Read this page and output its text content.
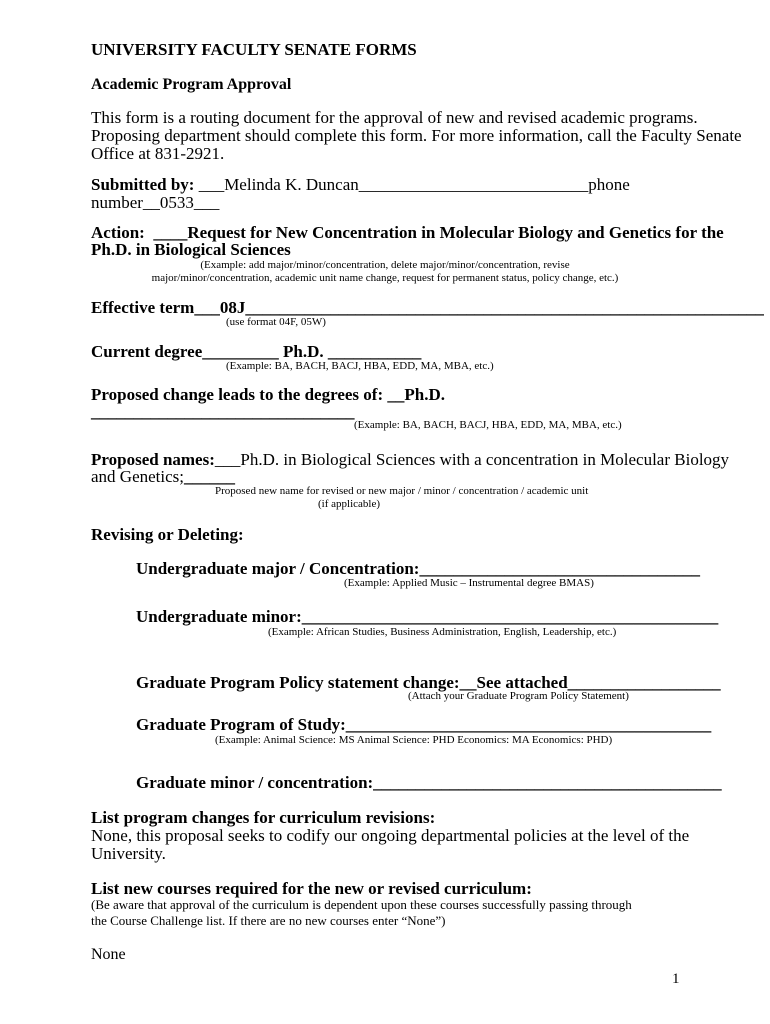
UNIVERSITY FACULTY SENATE FORMS
Academic Program Approval
This form is a routing document for the approval of new and revised academic programs.
Proposing department should complete this form. For more information, call the Faculty Senate
Office at 831-2921.
Submitted by: ___Melinda K. Duncan___________________________phone
number__0533___
Action: ____Request for New Concentration in Molecular Biology and Genetics for the
Ph.D. in Biological Sciences
(Example: add major/minor/concentration, delete major/minor/concentration, revise
major/minor/concentration, academic unit name change, request for permanent status, policy change, etc.)
Effective term___08J_____________________________________________________________
(use format 04F, 05W)
Current degree_________ Ph.D. ___________
(Example: BA, BACH, BACJ, HBA, EDD, MA, MBA, etc.)
Proposed change leads to the degrees of: __Ph.D.
_______________________________
(Example: BA, BACH, BACJ, HBA, EDD, MA, MBA, etc.)
Proposed names:___Ph.D. in Biological Sciences with a concentration in Molecular Biology
and Genetics;______
Proposed new name for revised or new major / minor / concentration / academic unit
(if applicable)
Revising or Deleting:
Undergraduate major / Concentration:_________________________________
(Example: Applied Music – Instrumental degree BMAS)
Undergraduate minor:_________________________________________________
(Example: African Studies, Business Administration, English, Leadership, etc.)
Graduate Program Policy statement change:__See attached__________________
(Attach your Graduate Program Policy Statement)
Graduate Program of Study:___________________________________________
(Example: Animal Science: MS Animal Science: PHD Economics: MA Economics: PHD)
Graduate minor / concentration:_________________________________________
List program changes for curriculum revisions:
None, this proposal seeks to codify our ongoing departmental policies at the level of the
University.
List new courses required for the new or revised curriculum:
(Be aware that approval of the curriculum is dependent upon these courses successfully passing through
the Course Challenge list. If there are no new courses enter “None”)
None
1
